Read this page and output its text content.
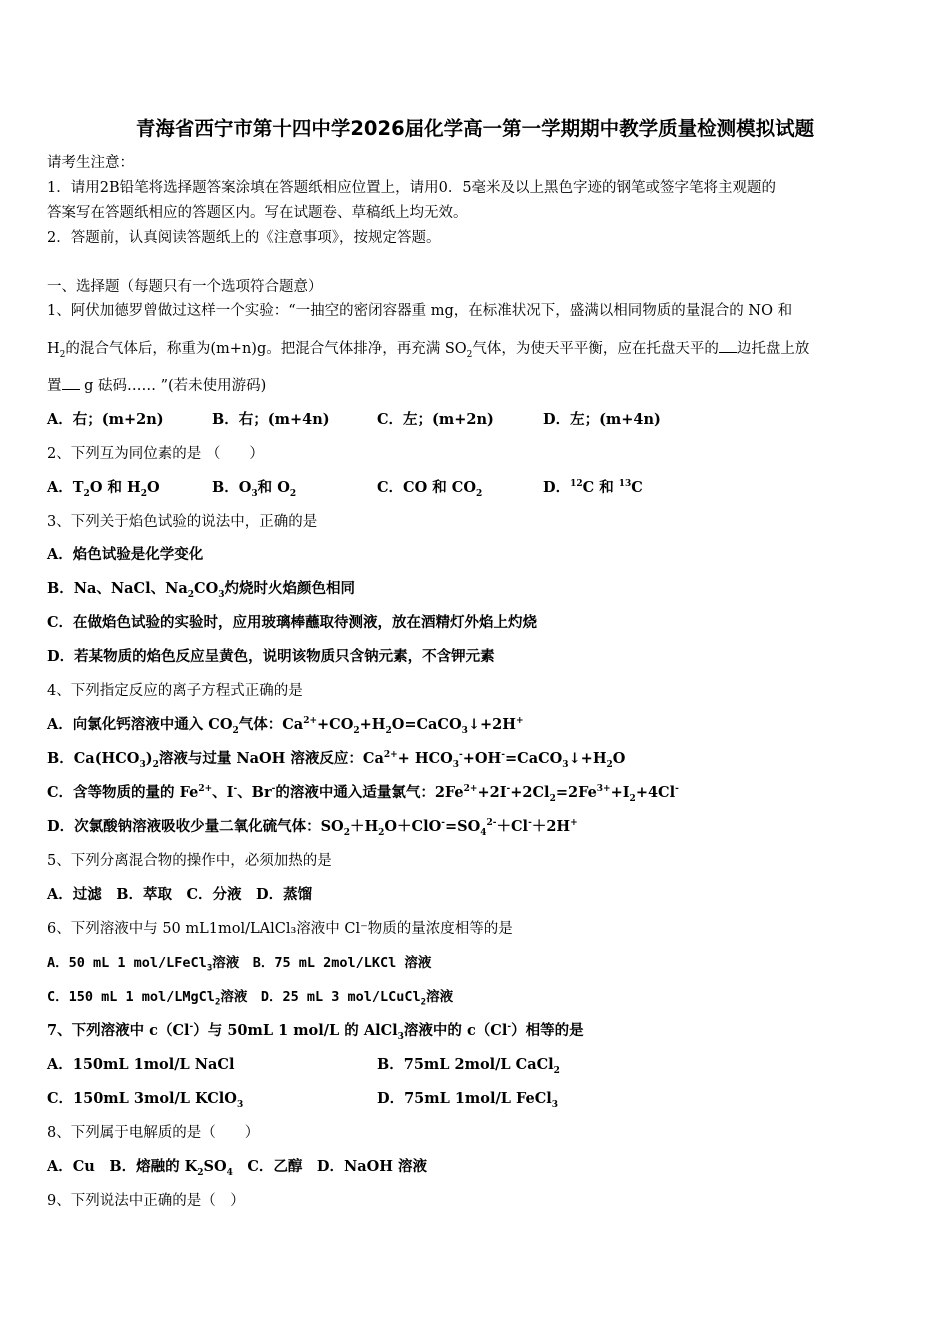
青海省西宁市第十四中学2026届化学高一第一学期期中教学质量检测模拟试题
请考生注意：
1．请用2B铅笔将选择题答案涂填在答题纸相应位置上，请用0．5毫米及以上黑色字迹的钢笔或签字笔将主观题的
答案写在答题纸相应的答题区内。写在试题卷、草稿纸上均无效。
2．答题前，认真阅读答题纸上的《注意事项》，按规定答题。
一、选择题（每题只有一个选项符合题意）
1、阿伏加德罗曾做过这样一个实验：“一抽空的密闭容器重 mg，在标准状况下，盛满以相同物质的量混合的 NO 和
$H_2$的混合气体后，称重为(m+n)g。把混合气体排净，再充满 $SO_2$气体，为使天平平衡，应在托盘天平的 边托盘上放
置 g 砝码…… ”(若未使用游码)
A．右；(m+2n)	B．右；(m+4n)	C．左；(m+2n)	D．左；(m+4n)
2、下列互为同位素的是 （　　）
A．$T_2O$ 和 $H_2O$	B．$O_3$和 $O_2$	C．CO 和 $CO_2$	D．$^{12}$C 和 $^{13}$C
3、下列关于焰色试验的说法中，正确的是
A．焰色试验是化学变化
B．Na、NaCl、$Na_2CO_3$灼烧时火焰颜色相同
C．在做焰色试验的实验时，应用玻璃棒蘸取待测液，放在酒精灯外焰上灼烧
D．若某物质的焰色反应呈黄色，说明该物质只含钠元素，不含钾元素
4、下列指定反应的离子方程式正确的是
A．向氯化钙溶液中通入 $CO_2$气体：$Ca^{2+}+CO_2+H_2O=CaCO_3↓+2H^+$
B．$Ca(HCO_3)_2$溶液与过量 NaOH 溶液反应：$Ca^{2+}+$ $HCO_3^-+OH^-=CaCO_3↓+H_2O$
C．含等物质的量的 $Fe^{2+}$、I-、Br-的溶液中通入适量氯气：$2Fe^{2+}+2I^-+2Cl_2=2Fe^{3+}+I_2+4Cl^-$
D．次氯酸钠溶液吸收少量二氧化硫气体：$SO_2+H_2O+ClO^-=SO_4^{2-}+Cl^-+2H^+$
5、下列分离混合物的操作中，必须加热的是
A．过滤　B．萃取　C．分液　D．蒸馏
6、下列溶液中与 50 mL1mol/LAlCl₃溶液中 Cl⁻物质的量浓度相等的是
A．50 mL 1 mol/LFeCl$_3$溶液　B．75 mL 2mol/LKCl 溶液
C．150 mL 1 mol/LMgCl$_2$溶液　D．25 mL 3 mol/LCuCl$_2$溶液
7、下列溶液中 c（Cl-）与 50mL 1 mol/L 的 AlCl$_3$溶液中的 c（Cl-）相等的是
A．150mL 1mol/L NaCl	B．75mL 2mol/L CaCl$_2$
C．150mL 3mol/L KClO$_3$	D．75mL 1mol/L FeCl$_3$
8、下列属于电解质的是（　　）
A．Cu　B．熔融的 $K_2SO_4$　C．乙醇　D．NaOH 溶液
9、下列说法中正确的是（　）
